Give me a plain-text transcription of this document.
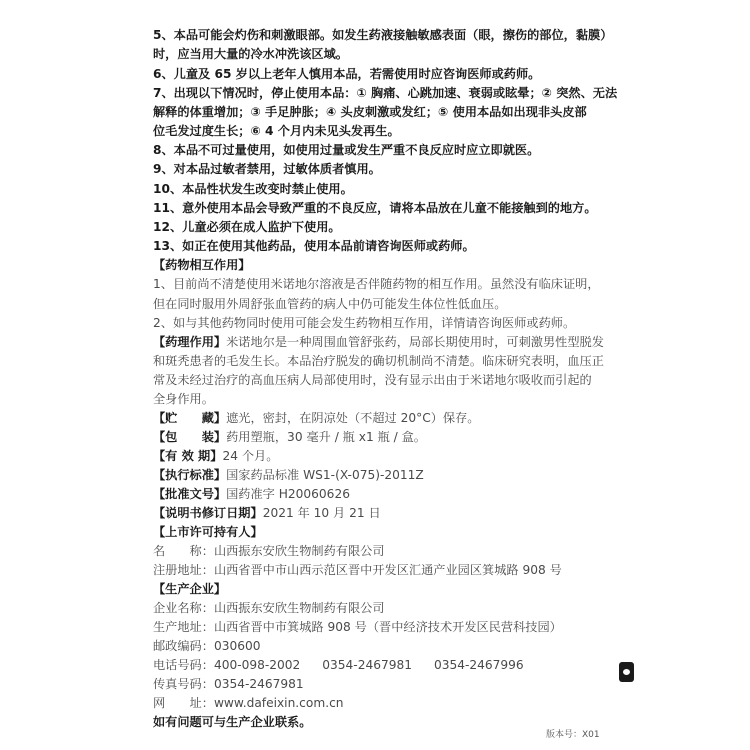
5、本品可能会灼伤和刺激眼部。如发生药液接触敏感表面（眼，擦伤的部位，黏膜）
时，应当用大量的冷水冲洗该区域。
6、儿童及 65 岁以上老年人慎用本品，若需使用时应咨询医师或药师。
7、出现以下情况时，停止使用本品：① 胸痛、心跳加速、衰弱或眩晕；② 突然、无法
解释的体重增加；③ 手足肿胀；④ 头皮刺激或发红；⑤ 使用本品如出现非头皮部
位毛发过度生长；⑥ 4 个月内未见头发再生。
8、本品不可过量使用，如使用过量或发生严重不良反应时应立即就医。
9、对本品过敏者禁用，过敏体质者慎用。
10、本品性状发生改变时禁止使用。
11、意外使用本品会导致严重的不良反应，请将本品放在儿童不能接触到的地方。
12、儿童必须在成人监护下使用。
13、如正在使用其他药品，使用本品前请咨询医师或药师。
【药物相互作用】
1、目前尚不清楚使用米诺地尔溶液是否伴随药物的相互作用。虽然没有临床证明，
但在同时服用外周舒张血管药的病人中仍可能发生体位性低血压。
2、如与其他药物同时使用可能会发生药物相互作用，详情请咨询医师或药师。
【药理作用】米诺地尔是一种周围血管舒张药，局部长期使用时，可刺激男性型脱发
和斑秃患者的毛发生长。本品治疗脱发的确切机制尚不清楚。临床研究表明，血压正
常及未经过治疗的高血压病人局部使用时，没有显示出由于米诺地尔吸收而引起的
全身作用。
【贮　　藏】遮光，密封，在阴凉处（不超过 20°C）保存。
【包　　装】药用塑瓶，30 毫升 / 瓶 x1 瓶 / 盒。
【有 效 期】24 个月。
【执行标准】国家药品标准 WS1-(X-075)-2011Z
【批准文号】国药准字 H20060626
【说明书修订日期】2021 年 10 月 21 日
【上市许可持有人】
名　　称：山西振东安欣生物制药有限公司
注册地址：山西省晋中市山西示范区晋中开发区汇通产业园区箕城路 908 号
【生产企业】
企业名称：山西振东安欣生物制药有限公司
生产地址：山西省晋中市箕城路 908 号（晋中经济技术开发区民营科技园）
邮政编码：030600
电话号码：400-098-2002 0354-2467981 0354-2467996
传真号码：0354-2467981
网　　址：www.dafeixin.com.cn
如有问题可与生产企业联系。
版本号：X01
